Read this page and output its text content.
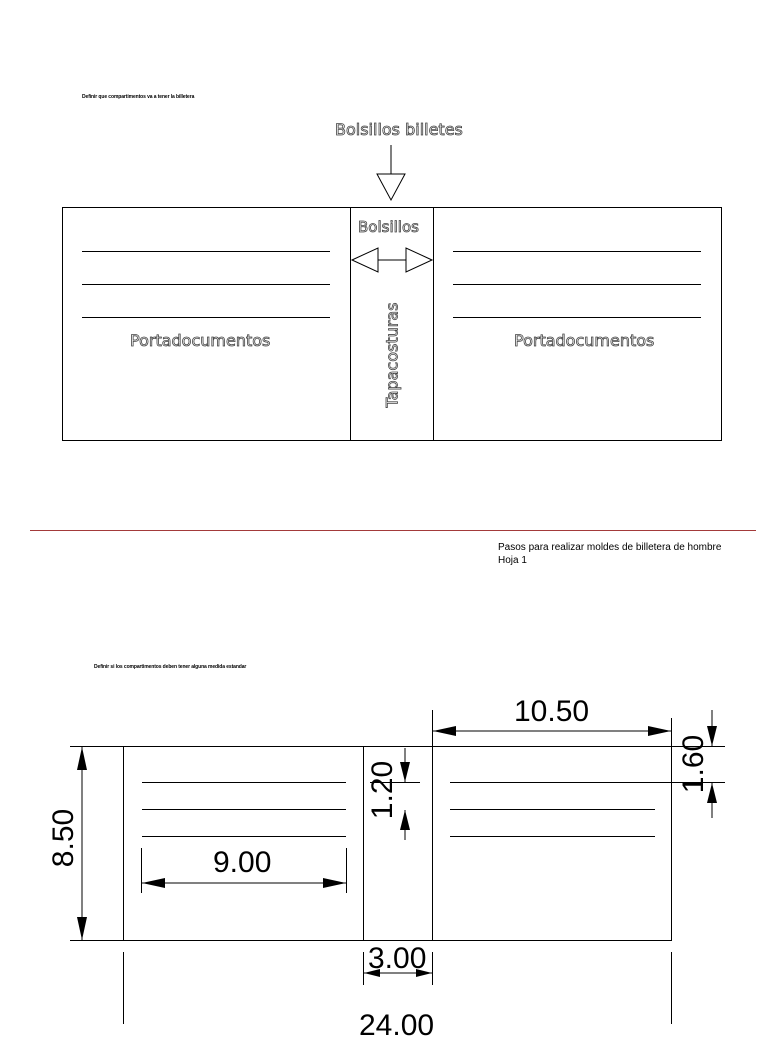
Definir que compartimentos va a tener la billetera
Bolsillos billetes
Bolsillos
Tapacosturas
Portadocumentos	Portadocumentos
Pasos para realizar moldes de billetera de hombre
Hoja 1
Definir si los compartimentos deben tener alguna medida estandar
10.50
1.60
1.20
8.50	9.00
3.00
24.00
